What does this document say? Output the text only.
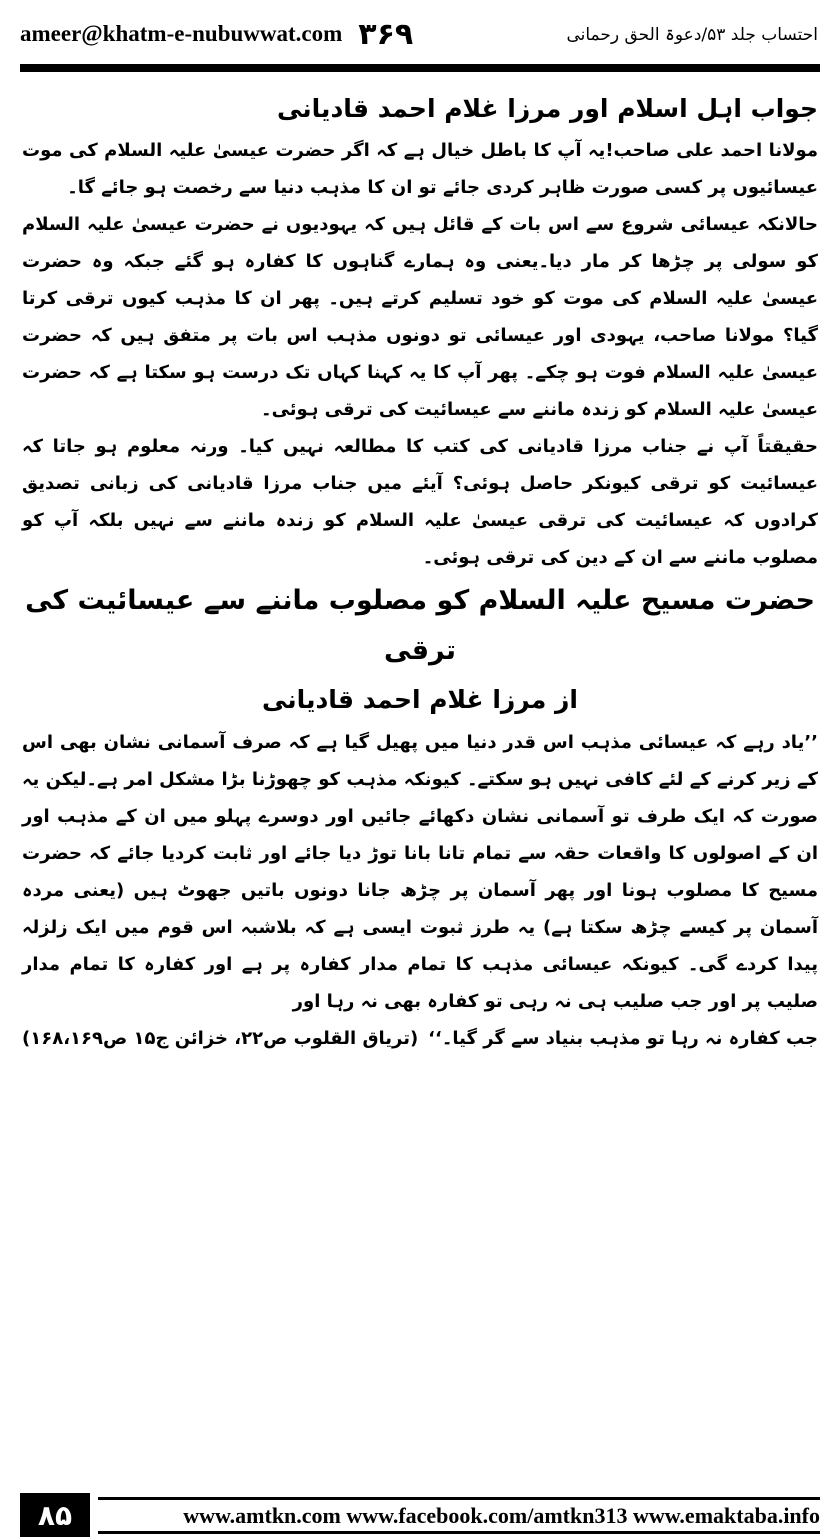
ameer@khatm-e-nubuwwat.com ۳۶۹	احتساب جلد ۵۳/دعوۃ الحق رحمانی

جواب اہل اسلام اور مرزا غلام احمد قادیانی

مولانا احمد علی صاحب!یہ آپ کا باطل خیال ہے کہ اگر حضرت عیسیٰ علیہ السلام کی موت عیسائیوں پر کسی صورت ظاہر کردی جائے تو ان کا مذہب دنیا سے رخصت ہو جائے گا۔

حالانکہ عیسائی شروع سے اس بات کے قائل ہیں کہ یہودیوں نے حضرت عیسیٰ علیہ السلام کو سولی پر چڑھا کر مار دیا۔یعنی وہ ہمارے گناہوں کا کفارہ ہو گئے جبکہ وہ حضرت عیسیٰ علیہ السلام کی موت کو خود تسلیم کرتے ہیں۔ پھر ان کا مذہب کیوں ترقی کرتا گیا؟ مولانا صاحب، یہودی اور عیسائی تو دونوں مذہب اس بات پر متفق ہیں کہ حضرت عیسیٰ علیہ السلام فوت ہو چکے۔ پھر آپ کا یہ کہنا کہاں تک درست ہو سکتا ہے کہ حضرت عیسیٰ علیہ السلام کو زندہ ماننے سے عیسائیت کی ترقی ہوئی۔

حقیقتاً آپ نے جناب مرزا قادیانی کی کتب کا مطالعہ نہیں کیا۔ ورنہ معلوم ہو جاتا کہ عیسائیت کو ترقی کیونکر حاصل ہوئی؟ آیئے میں جناب مرزا قادیانی کی زبانی تصدیق کرادوں کہ عیسائیت کی ترقی عیسیٰ علیہ السلام کو زندہ ماننے سے نہیں بلکہ آپ کو مصلوب ماننے سے ان کے دین کی ترقی ہوئی۔

حضرت مسیح علیہ السلام کو مصلوب ماننے سے عیسائیت کی ترقی

از مرزا غلام احمد قادیانی

’’یاد رہے کہ عیسائی مذہب اس قدر دنیا میں پھیل گیا ہے کہ صرف آسمانی نشان بھی اس کے زیر کرنے کے لئے کافی نہیں ہو سکتے۔ کیونکہ مذہب کو چھوڑنا بڑا مشکل امر ہے۔لیکن یہ صورت کہ ایک طرف تو آسمانی نشان دکھائے جائیں اور دوسرے پہلو میں ان کے مذہب اور ان کے اصولوں کا واقعات حقہ سے تمام تانا بانا توڑ دیا جائے اور ثابت کردیا جائے کہ حضرت مسیح کا مصلوب ہونا اور پھر آسمان پر چڑھ جانا دونوں باتیں جھوٹ ہیں (یعنی مردہ آسمان پر کیسے چڑھ سکتا ہے) یہ طرز ثبوت ایسی ہے کہ بلاشبہ اس قوم میں ایک زلزلہ پیدا کردے گی۔ کیونکہ عیسائی مذہب کا تمام مدار کفارہ پر ہے اور کفارہ کا تمام مدار صلیب پر اور جب صلیب ہی نہ رہی تو کفارہ بھی نہ رہا اور

جب کفارہ نہ رہا تو مذہب بنیاد سے گر گیا۔‘‘
(تریاق القلوب ص۲۲، خزائن ج۱۵ ص۱۶۸،۱۶۹)
۸۵	www.amtkn.com www.facebook.com/amtkn313 www.emaktaba.info
